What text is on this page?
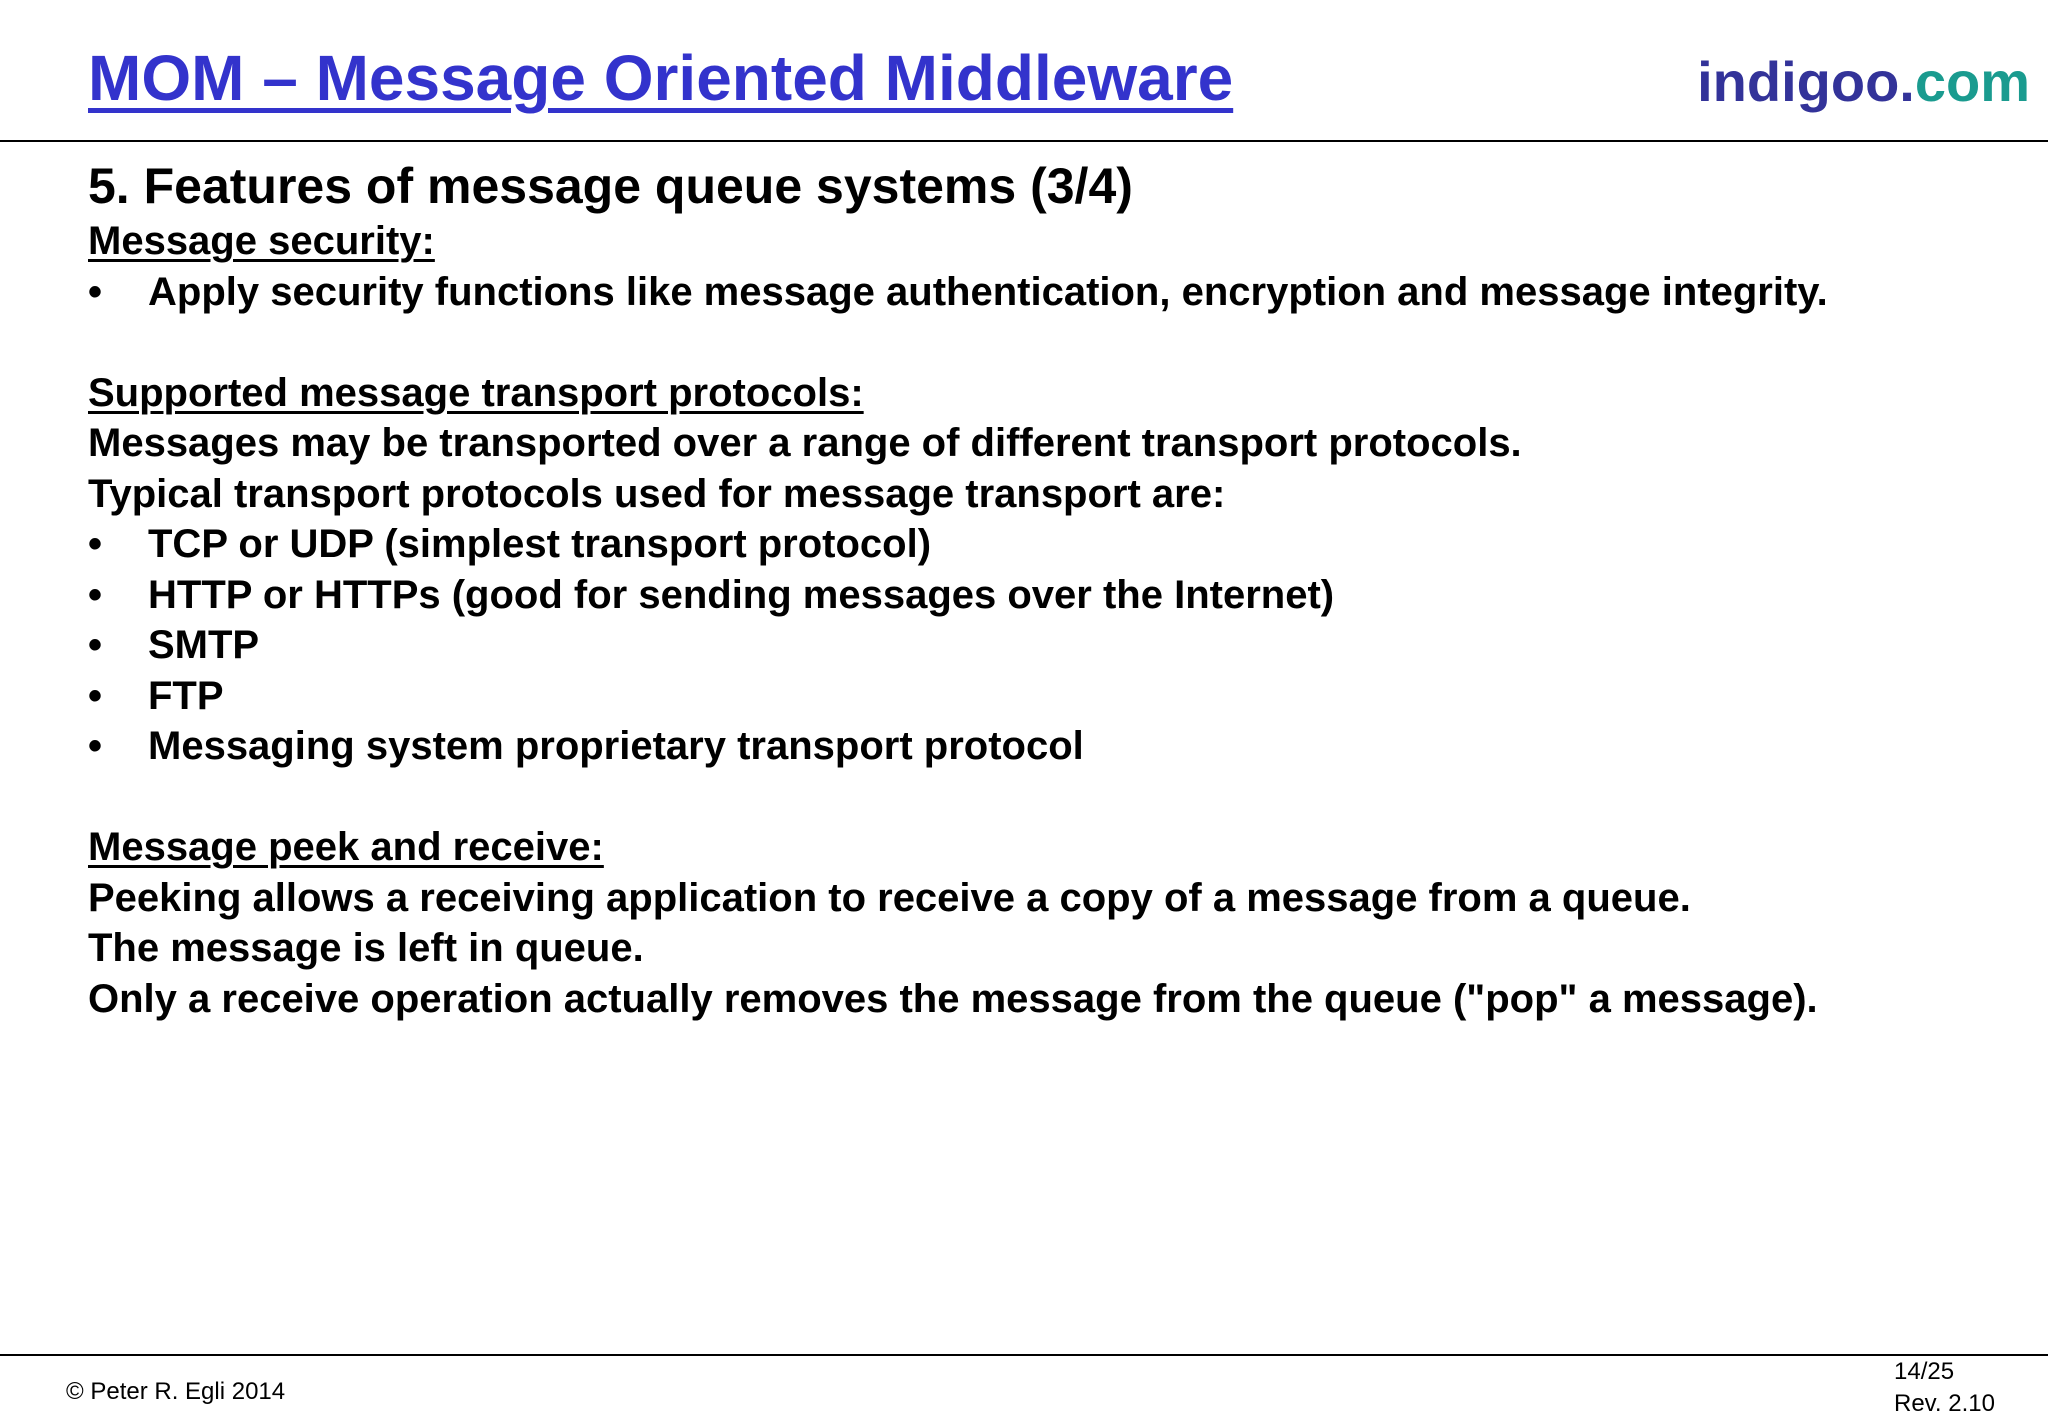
MOM – Message Oriented Middleware	indigoo.com
5. Features of message queue systems (3/4)
Message security:
• Apply security functions like message authentication, encryption and message integrity.
Supported message transport protocols:
Messages may be transported over a range of different transport protocols.
Typical transport protocols used for message transport are:
• TCP or UDP (simplest transport protocol)
• HTTP or HTTPs (good for sending messages over the Internet)
• SMTP
• FTP
• Messaging system proprietary transport protocol
Message peek and receive:
Peeking allows a receiving application to receive a copy of a message from a queue.
The message is left in queue.
Only a receive operation actually removes the message from the queue ("pop" a message).
© Peter R. Egli 2014
14/25
Rev. 2.10
